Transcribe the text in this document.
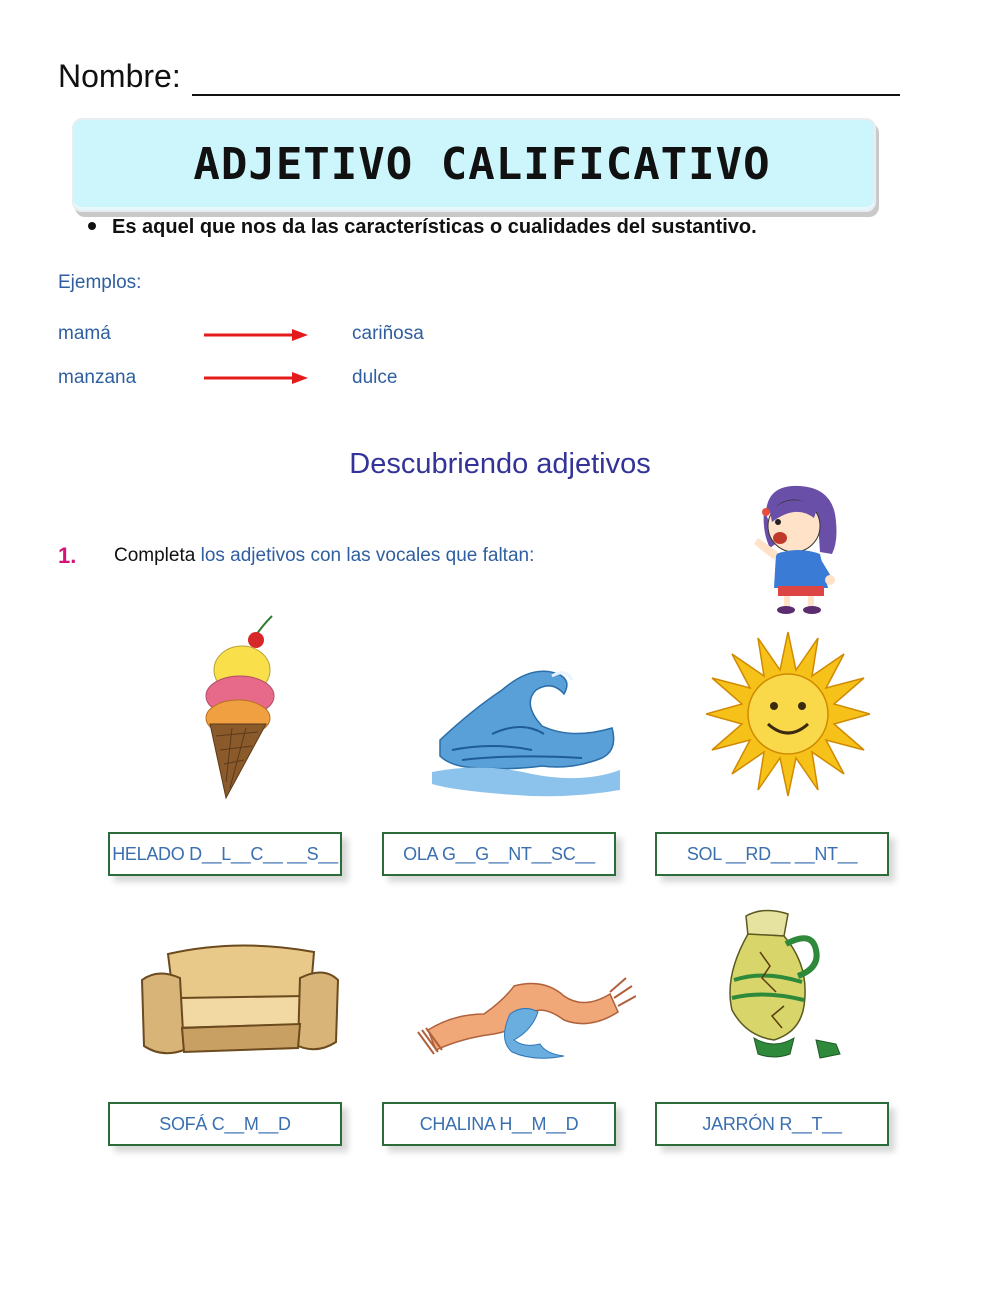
Nombre:
ADJETIVO CALIFICATIVO
Es aquel que nos da las características o cualidades del sustantivo.
Ejemplos:
mamá	cariñosa
manzana	dulce
Descubriendo adjetivos
1. Completa los adjetivos con las vocales que faltan:
HELADO D__L__C__ __S__	OLA G__G__NT__SC__	SOL __RD__ __NT__
SOFÁ C__M__D	CHALINA H__M__D	JARRÓN R__T__
